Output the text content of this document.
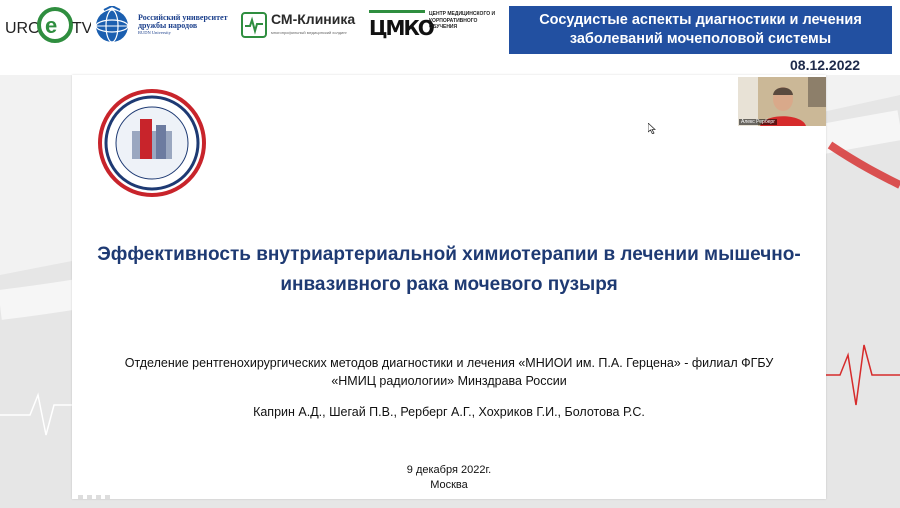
URO e TV
Российский университет дружбы народов
RUDN University
СМ-Клиника
многопрофильный медицинский холдинг ЦМКО
ЦЕНТР МЕДИЦИНСКОГО И КОРПОРАТИВНОГО ОБУЧЕНИЯ	Сосудистые аспекты диагностики и лечения заболеваний мочеполовой системы
08.12.2022
Эффективность внутриартериальной химиотерапии в лечении мышечно-инвазивного рака мочевого пузыря
Отделение рентгенохирургических методов диагностики и лечения «МНИОИ им. П.А. Герцена» - филиал ФГБУ
«НМИЦ радиологии» Минздрава России
Каприн А.Д., Шегай П.В., Рерберг А.Г., Хохриков Г.И., Болотова Р.С.
9 декабря 2022г.
Москва
Алекс Рерберг
